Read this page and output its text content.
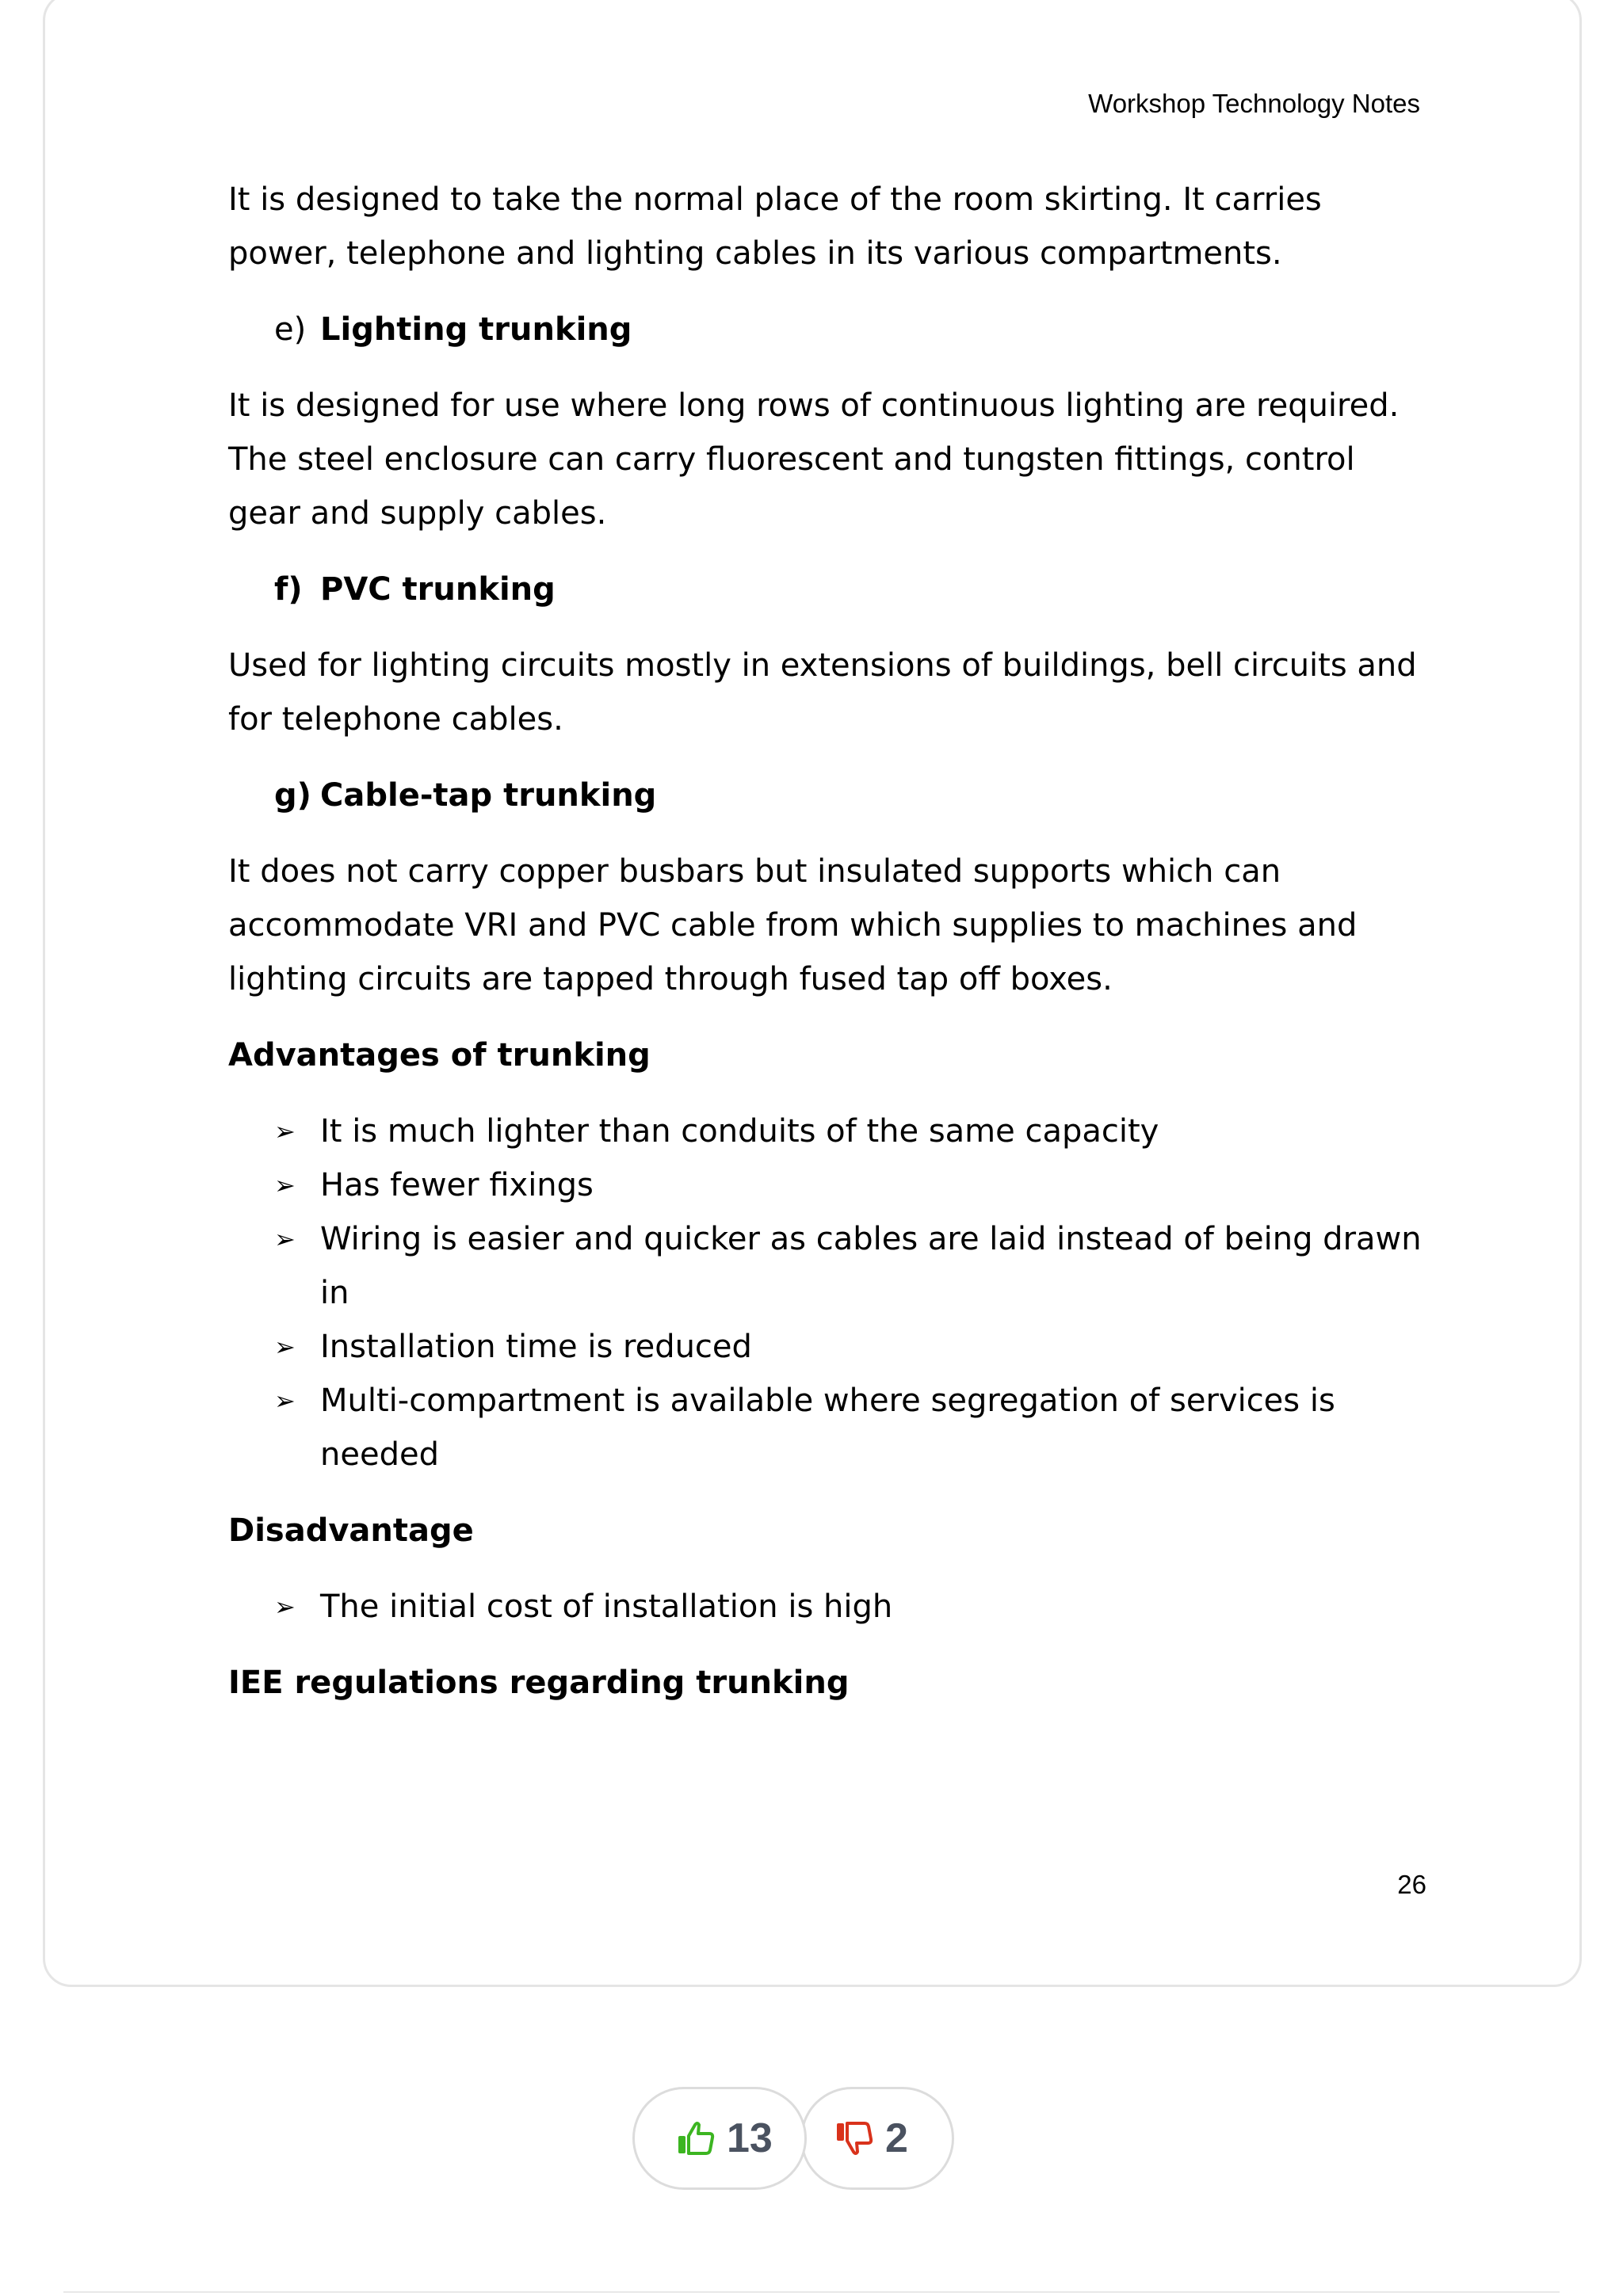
Workshop Technology Notes

It is designed to take the normal place of the room skirting. It carries power, telephone and lighting cables in its various compartments.

e) Lighting trunking

It is designed for use where long rows of continuous lighting are required. The steel enclosure can carry fluorescent and tungsten fittings, control gear and supply cables.

f) PVC trunking

Used for lighting circuits mostly in extensions of buildings, bell circuits and for telephone cables.

g) Cable-tap trunking

It does not carry copper busbars but insulated supports which can accommodate VRI and PVC cable from which supplies to machines and lighting circuits are tapped through fused tap off boxes.

Advantages of trunking
➢ It is much lighter than conduits of the same capacity
➢ Has fewer fixings
➢ Wiring is easier and quicker as cables are laid instead of being drawn in
➢ Installation time is reduced
➢ Multi-compartment is available where segregation of services is needed
Disadvantage
➢ The initial cost of installation is high
IEE regulations regarding trunking
26
13	2
